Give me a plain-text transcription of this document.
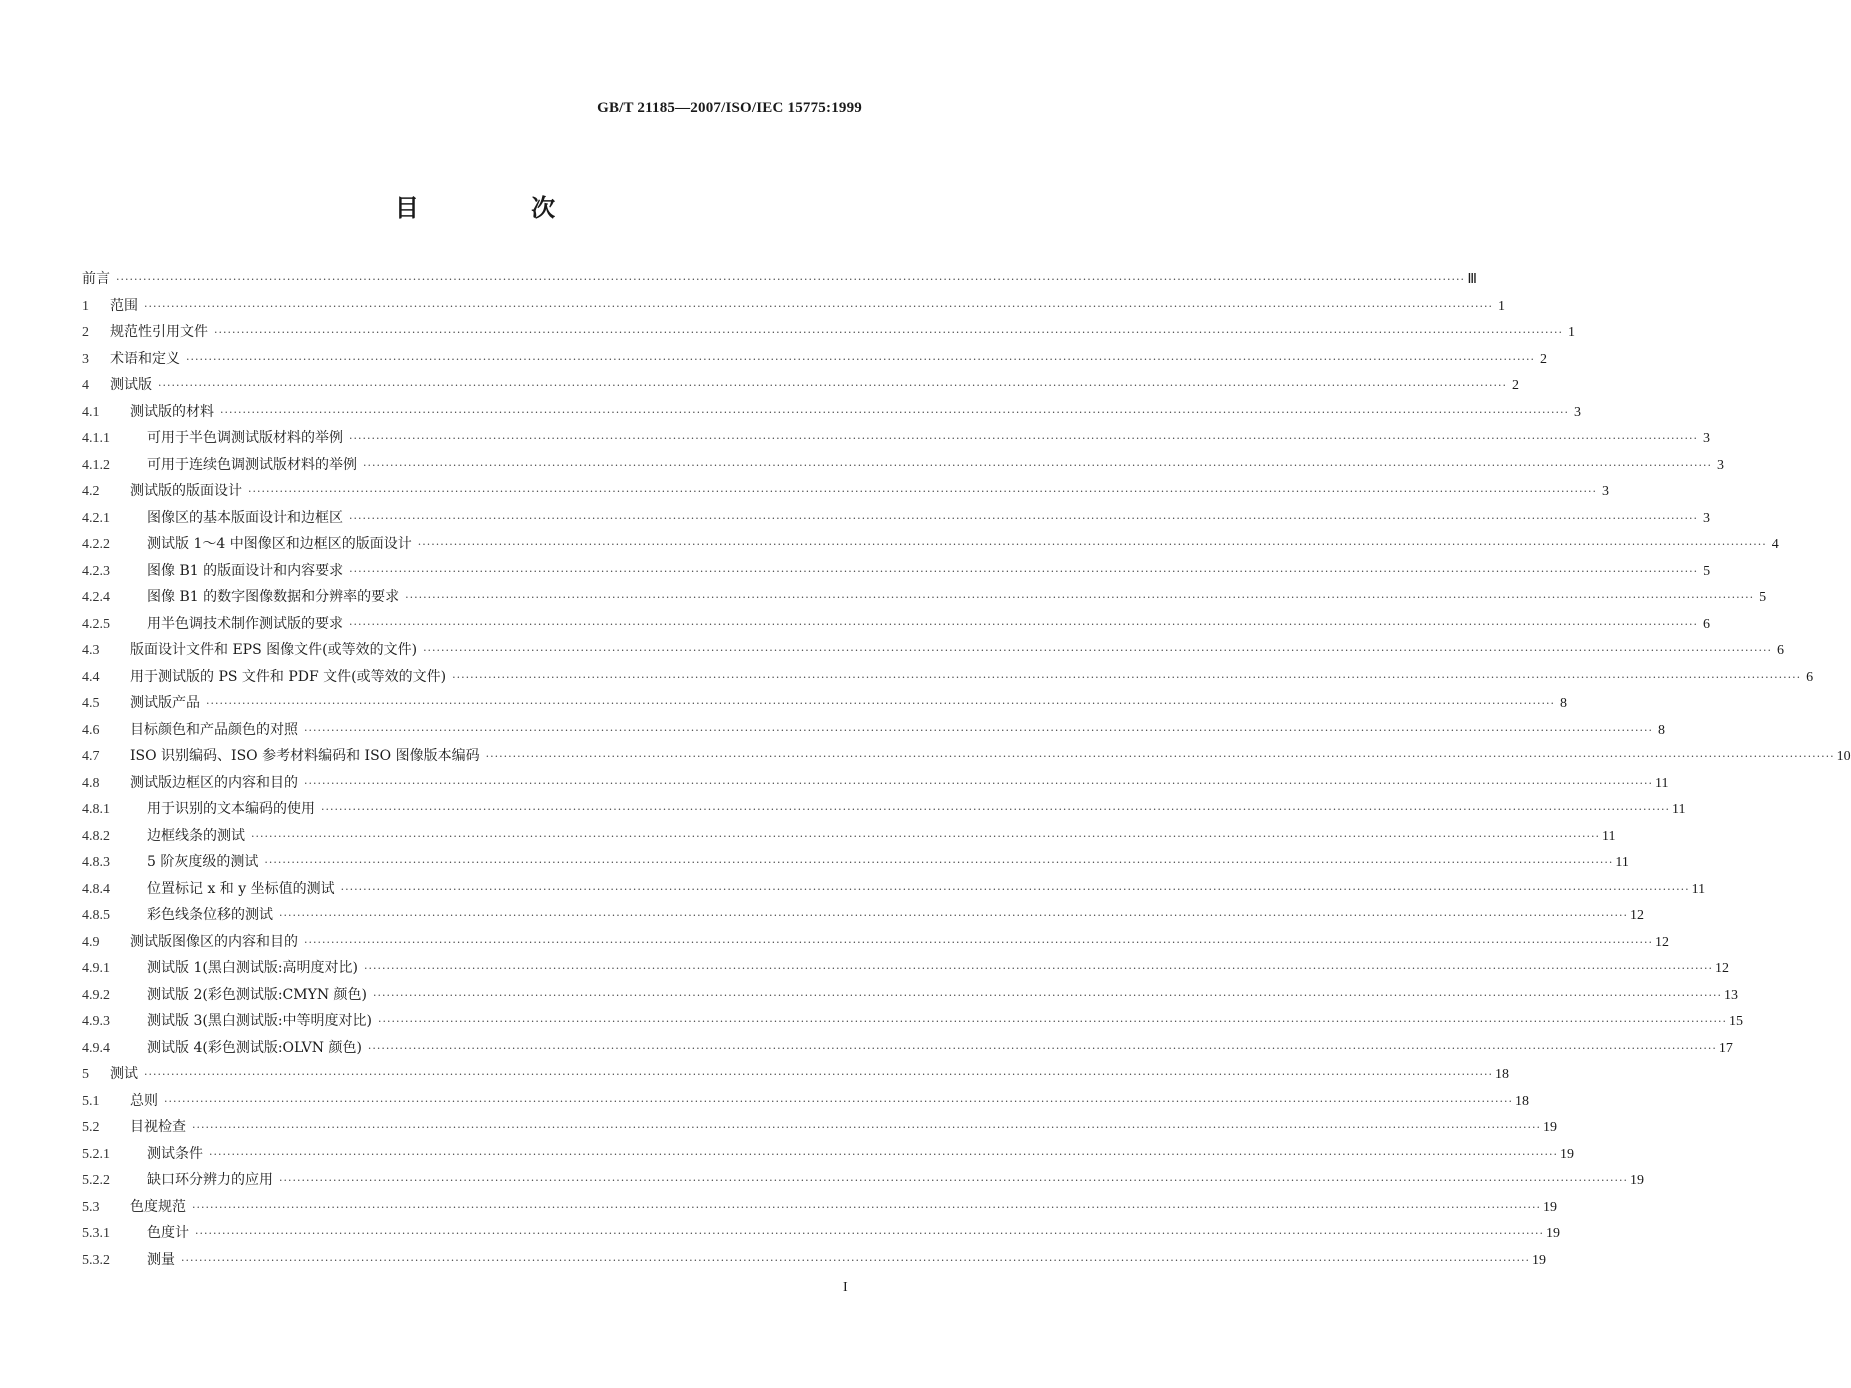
GB/T 21185—2007/ISO/IEC 15775:1999
目 次
前言 ············································································································································································································································································································ Ⅲ
1	范围 ············································································································································································································································································································ 1
2	规范性引用文件 ············································································································································································································································································································ 1
3	术语和定义 ············································································································································································································································································································ 2
4	测试版 ············································································································································································································································································································ 2
4.1	测试版的材料 ············································································································································································································································································································ 3
4.1.1	可用于半色调测试版材料的举例 ············································································································································································································································································································ 3
4.1.2	可用于连续色调测试版材料的举例 ············································································································································································································································································································ 3
4.2	测试版的版面设计 ············································································································································································································································································································ 3
4.2.1	图像区的基本版面设计和边框区 ············································································································································································································································································································ 3
4.2.2	测试版 1～4 中图像区和边框区的版面设计 ············································································································································································································································································································ 4
4.2.3	图像 B1 的版面设计和内容要求 ············································································································································································································································································································ 5
4.2.4	图像 B1 的数字图像数据和分辨率的要求 ············································································································································································································································································································ 5
4.2.5	用半色调技术制作测试版的要求 ············································································································································································································································································································ 6
4.3	版面设计文件和 EPS 图像文件(或等效的文件) ············································································································································································································································································································ 6
4.4	用于测试版的 PS 文件和 PDF 文件(或等效的文件) ············································································································································································································································································································ 6
4.5	测试版产品 ············································································································································································································································································································ 8
4.6	目标颜色和产品颜色的对照 ············································································································································································································································································································ 8
4.7	ISO 识别编码、ISO 参考材料编码和 ISO 图像版本编码 ············································································································································································································································································································ 10
4.8	测试版边框区的内容和目的 ············································································································································································································································································································ 11
4.8.1	用于识别的文本编码的使用 ············································································································································································································································································································ 11
4.8.2	边框线条的测试 ············································································································································································································································································································ 11
4.8.3	5 阶灰度级的测试 ············································································································································································································································································································ 11
4.8.4	位置标记 x 和 y 坐标值的测试 ············································································································································································································································································································ 11
4.8.5	彩色线条位移的测试 ············································································································································································································································································································ 12
4.9	测试版图像区的内容和目的 ············································································································································································································································································································ 12
4.9.1	测试版 1(黑白测试版:高明度对比) ············································································································································································································································································································ 12
4.9.2	测试版 2(彩色测试版:CMYN 颜色) ············································································································································································································································································································ 13
4.9.3	测试版 3(黑白测试版:中等明度对比) ············································································································································································································································································································ 15
4.9.4	测试版 4(彩色测试版:OLVN 颜色) ············································································································································································································································································································ 17
5	测试 ············································································································································································································································································································ 18
5.1	总则 ············································································································································································································································································································ 18
5.2	目视检查 ············································································································································································································································································································ 19
5.2.1	测试条件 ············································································································································································································································································································ 19
5.2.2	缺口环分辨力的应用 ············································································································································································································································································································ 19
5.3	色度规范 ············································································································································································································································································································ 19
5.3.1	色度计 ············································································································································································································································································································ 19
5.3.2	测量 ············································································································································································································································································································ 19
I
